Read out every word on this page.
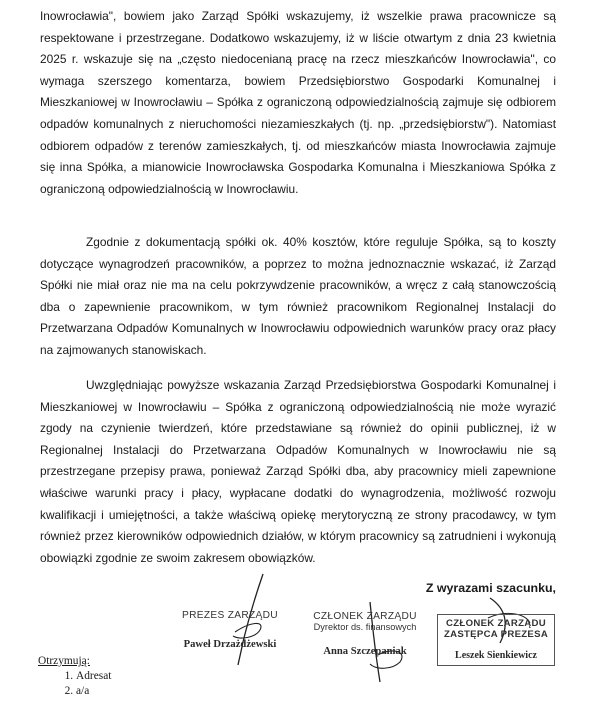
Inowrocławia", bowiem jako Zarząd Spółki wskazujemy, iż wszelkie prawa pracownicze są respektowane i przestrzegane. Dodatkowo wskazujemy, iż w liście otwartym z dnia 23 kwietnia 2025 r. wskazuje się na „często niedocenianą pracę na rzecz mieszkańców Inowrocławia", co wymaga szerszego komentarza, bowiem Przedsiębiorstwo Gospodarki Komunalnej i Mieszkaniowej w Inowrocławiu – Spółka z ograniczoną odpowiedzialnością zajmuje się odbiorem odpadów komunalnych z nieruchomości niezamieszkałych (tj. np. „przedsiębiorstw"). Natomiast odbiorem odpadów z terenów zamieszkałych, tj. od mieszkańców miasta Inowrocławia zajmuje się inna Spółka, a mianowicie Inowrocławska Gospodarka Komunalna i Mieszkaniowa Spółka z ograniczoną odpowiedzialnością w Inowrocławiu.

Zgodnie z dokumentacją spółki ok. 40% kosztów, które reguluje Spółka, są to koszty dotyczące wynagrodzeń pracowników, a poprzez to można jednoznacznie wskazać, iż Zarząd Spółki nie miał oraz nie ma na celu pokrzywdzenie pracowników, a wręcz z całą stanowczością dba o zapewnienie pracownikom, w tym również pracownikom Regionalnej Instalacji do Przetwarzana Odpadów Komunalnych w Inowrocławiu odpowiednich warunków pracy oraz płacy na zajmowanych stanowiskach.

Uwzględniając powyższe wskazania Zarząd Przedsiębiorstwa Gospodarki Komunalnej i Mieszkaniowej w Inowrocławiu – Spółka z ograniczoną odpowiedzialnością nie może wyrazić zgody na czynienie twierdzeń, które przedstawiane są również do opinii publicznej, iż w Regionalnej Instalacji do Przetwarzana Odpadów Komunalnych w Inowrocławiu nie są przestrzegane przepisy prawa, ponieważ Zarząd Spółki dba, aby pracownicy mieli zapewnione właściwe warunki pracy i płacy, wypłacane dodatki do wynagrodzenia, możliwość rozwoju kwalifikacji i umiejętności, a także właściwą opiekę merytoryczną ze strony pracodawcy, w tym również przez kierowników odpowiednich działów, w którym pracownicy są zatrudnieni i wykonują obowiązki zgodnie ze swoim zakresem obowiązków.

Z wyrazami szacunku,
PREZES ZARZĄDU
Paweł Drzażdżewski
CZŁONEK ZARZĄDU
Dyrektor ds. finansowych
Anna Szczepaniak
CZŁONEK ZARZĄDU
ZASTĘPCA PREZESA
Leszek Sienkiewicz
Otrzymują:
1. Adresat
2. a/a
